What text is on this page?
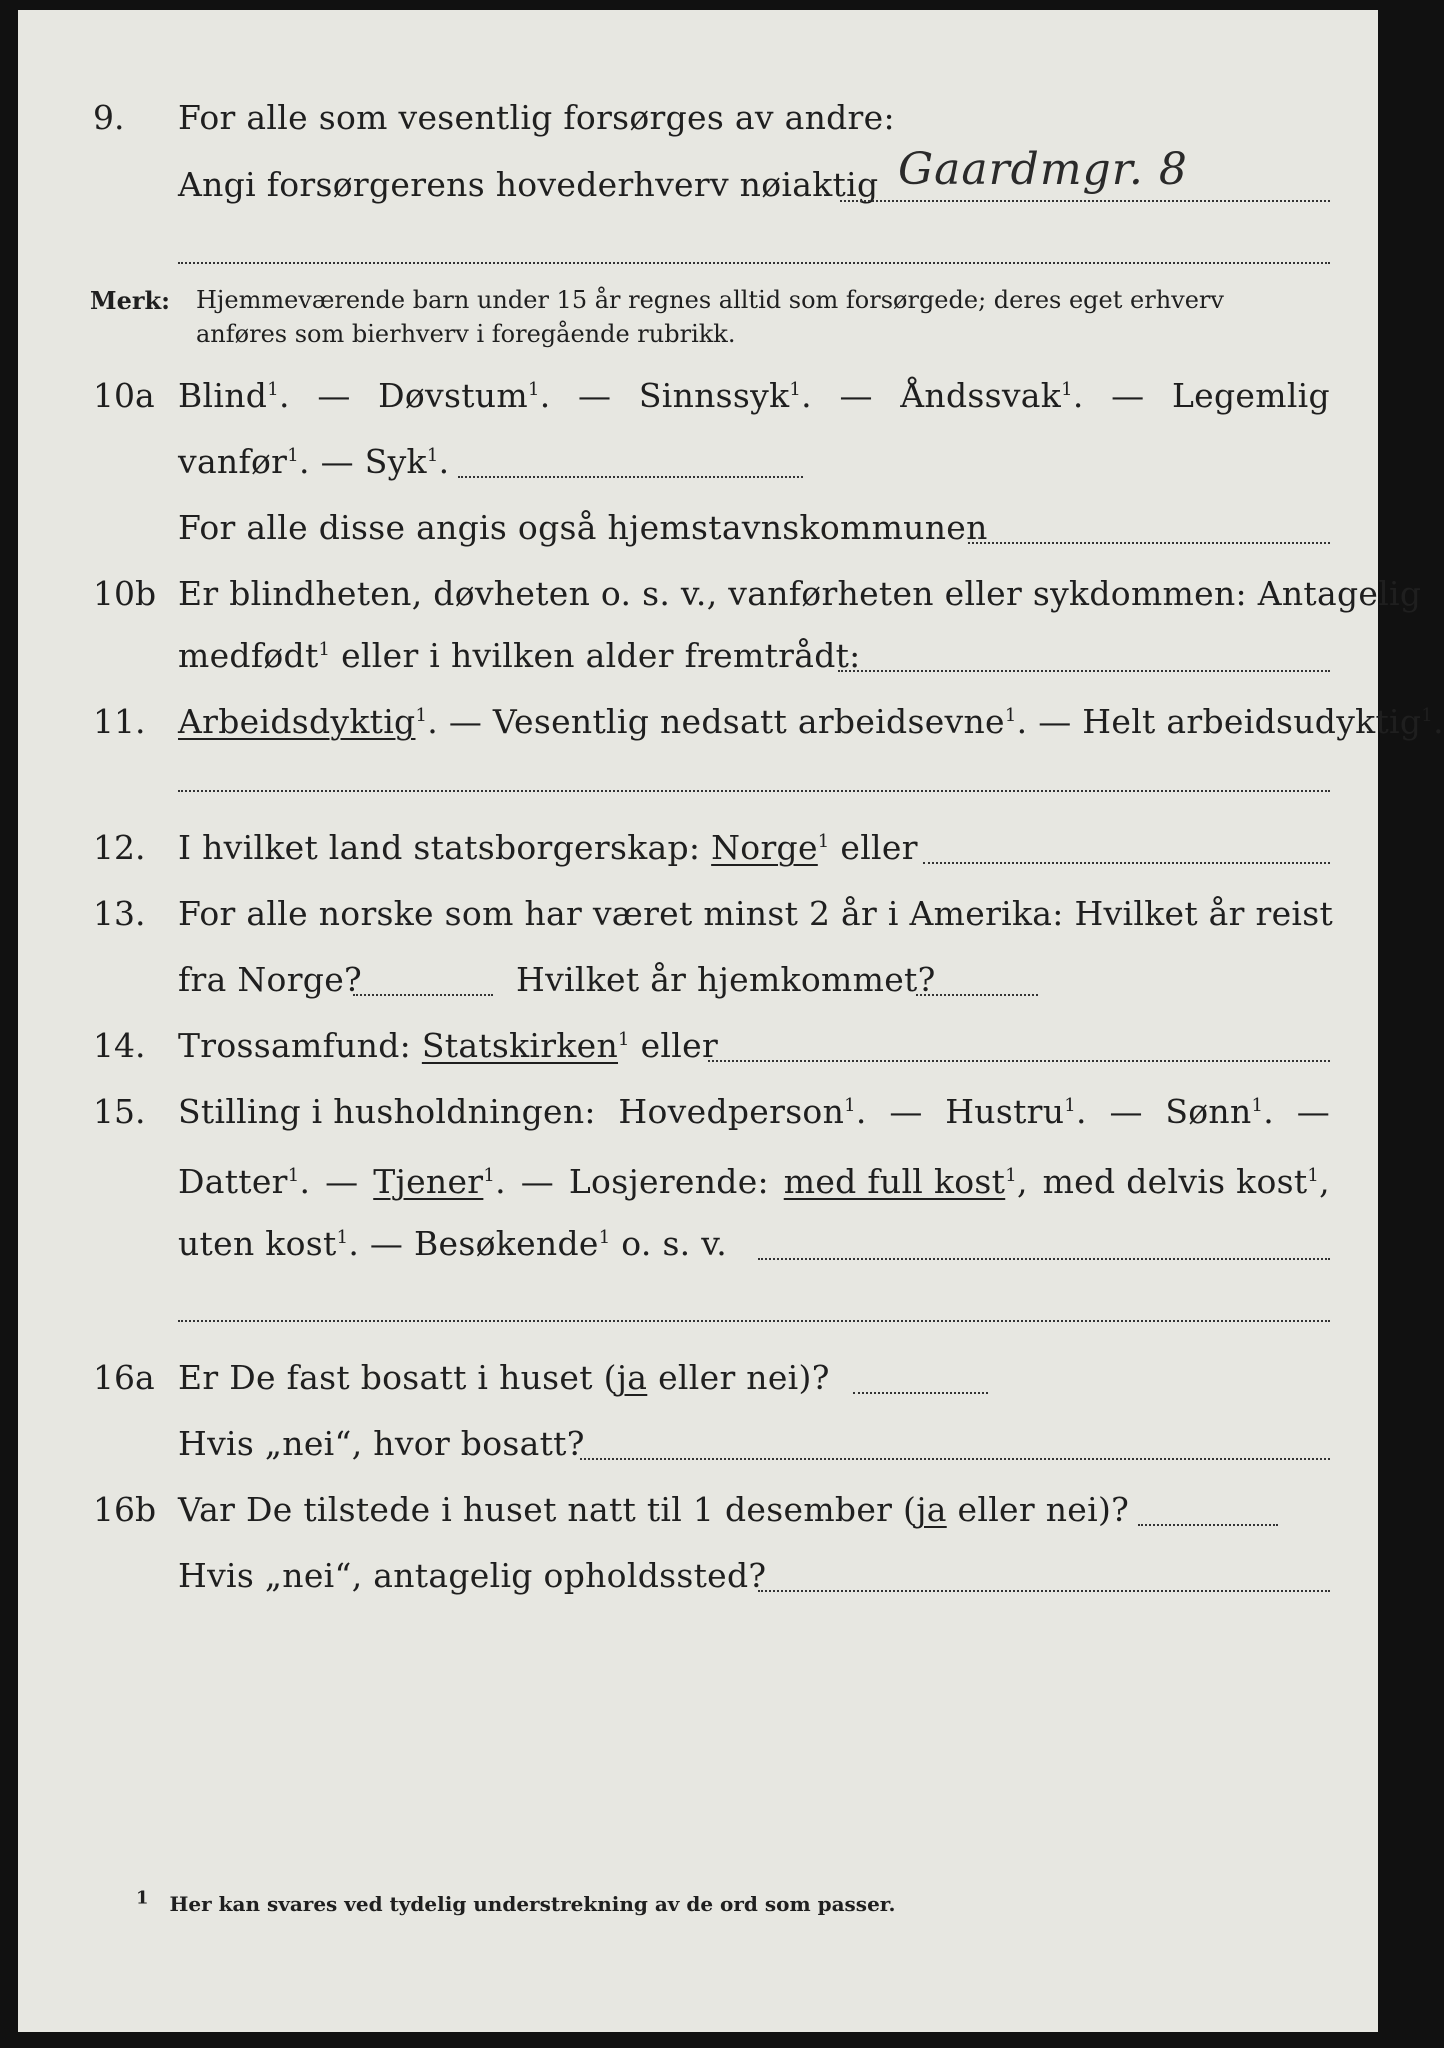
9. For alle som vesentlig forsørges av andre:
Angi forsørgerens hovederhverv nøiaktig Gaardmgr. 8
Merk: Hjemmeværende barn under 15 år regnes alltid som forsørgede; deres eget erhverv
anføres som bierhverv i foregående rubrikk.
10a Blind$^1$. — Døvstum$^1$. — Sinnssyk$^1$. — Åndssvak$^1$. — Legemlig
vanfør$^1$. — Syk$^1$.
For alle disse angis også hjemstavnskommunen
10b Er blindheten, døvheten o. s. v., vanførheten eller sykdommen: Antagelig
medfødt$^1$ eller i hvilken alder fremtrådt:
11. Arbeidsdyktig$^1$. — Vesentlig nedsatt arbeidsevne$^1$. — Helt arbeidsudyktig$^1$.
12. I hvilket land statsborgerskap: Norge$^1$ eller
13. For alle norske som har været minst 2 år i Amerika: Hvilket år reist
fra Norge?	Hvilket år hjemkommet?
14. Trossamfund: Statskirken$^1$ eller
15. Stilling i husholdningen: Hovedperson$^1$. — Hustru$^1$. — Sønn$^1$. —
Datter$^1$. — Tjener$^1$. — Losjerende: med full kost$^1$, med delvis kost$^1$,
uten kost$^1$. — Besøkende$^1$ o. s. v.
16a Er De fast bosatt i huset (ja eller nei)?
Hvis „nei“, hvor bosatt?
16b Var De tilstede i huset natt til 1 desember (ja eller nei)?
Hvis „nei“, antagelig opholdssted?
1 Her kan svares ved tydelig understrekning av de ord som passer.
